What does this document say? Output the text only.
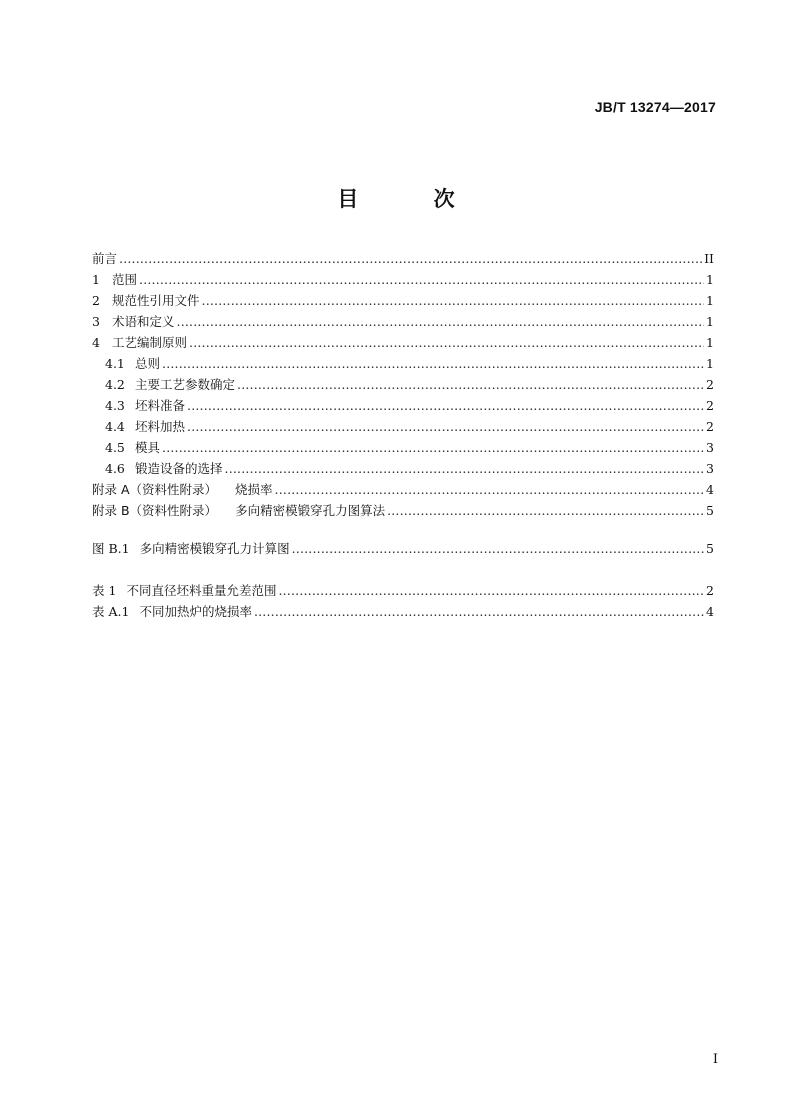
JB/T 13274—2017
目 次
前言 .....	II
1 范围 .....	1
2 规范性引用文件 .....	1
3 术语和定义 .....	1
4 工艺编制原则 .....	1
4.1 总则 .....	1
4.2 主要工艺参数确定 .....	2
4.3 坯料准备 .....	2
4.4 坯料加热 .....	2
4.5 模具 .....	3
4.6 锻造设备的选择 .....	3
附录 A（资料性附录） 烧损率 .....	4
附录 B（资料性附录） 多向精密模锻穿孔力图算法 .....	5
图 B.1 多向精密模锻穿孔力计算图 .....	5
表 1 不同直径坯料重量允差范围 .....	2
表 A.1 不同加热炉的烧损率 .....	4
I
